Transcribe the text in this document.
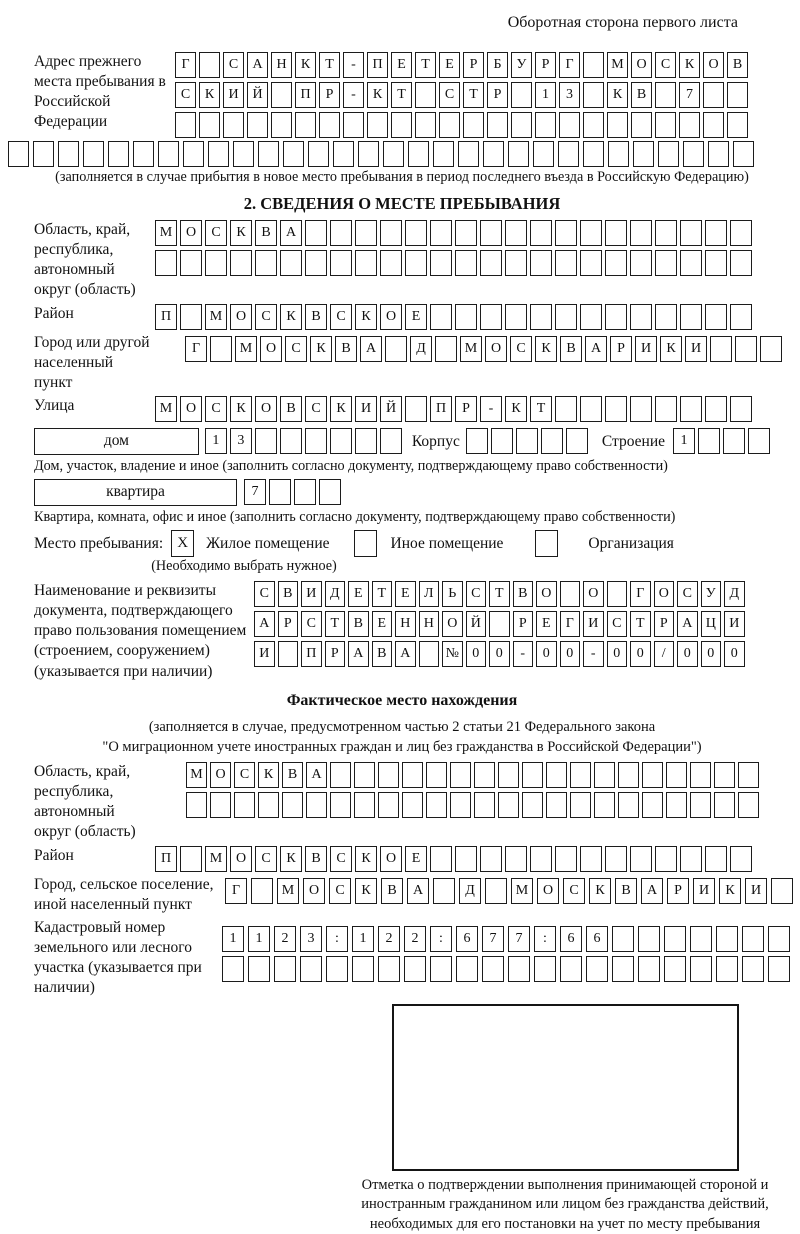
Оборотная сторона первого листа
Адрес прежнего места пребывания в Российской Федерации
Г	С	А Н	К	Т	-	П	Е	Т	Е	Р	Б	У	Р	Г	М О	С	К	О	В
С	К	И Й	П	Р	-	К	Т	С	Т	Р	1	3	К	В	7
(заполняется в случае прибытия в новое место пребывания в период последнего въезда в Российскую Федерацию)
2. СВЕДЕНИЯ О МЕСТЕ ПРЕБЫВАНИЯ
Область, край, республика, автономный округ (область)
М О	С	К	В	А
Район	П	М О	С	К	В	С	К	О	Е
Город или другой населенный пункт
Г	М О	С	К	В	А	Д	М О	С	К	В	А	Р	И	К	И
Улица	М О	С	К	О	В	С	К	И	Й	П	Р	-	К	Т
дом	1	3	Корпус	Строение	1
Дом, участок, владение и иное (заполнить согласно документу, подтверждающему право собственности)
квартира	7
Квартира, комната, офис и иное (заполнить согласно документу, подтверждающему право собственности)
Место пребывания: X	Жилое помещение	Иное помещение	Организация
(Необходимо выбрать нужное)
Наименование и реквизиты документа, подтверждающего право пользования помещением (строением, сооружением) (указывается при наличии)
С	В И Д	Е	Т	Е	Л	Ь	С	Т	В О	О	Г	О С У Д
А	Р	С	Т	В	Е	Н Н О Й	Р	Е	Г	И С	Т	Р	А Ц И
И	П	Р	А В А	№ 0	0	-	0	0	-	0	0	/	0	0	0
Фактическое место нахождения
(заполняется в случае, предусмотренном частью 2 статьи 21 Федерального закона
"О миграционном учете иностранных граждан и лиц без гражданства в Российской Федерации")
Область, край, республика, автономный округ (область)
М О	С	К	В	А
Район	П	М О	С	К	В	С	К	О	Е
Город, сельское поселение, иной населенный пункт
Г	М	О	С	К	В	А	Д	М	О	С	К	В	А	Р	И	К	И
Кадастровый номер земельного или лесного участка (указывается при наличии)
1	1	2	3	:	1	2	2	:	6	7	7	:	6	6
Отметка о подтверждении выполнения принимающей стороной и иностранным гражданином или лицом без гражданства действий, необходимых для его постановки на учет по месту пребывания
